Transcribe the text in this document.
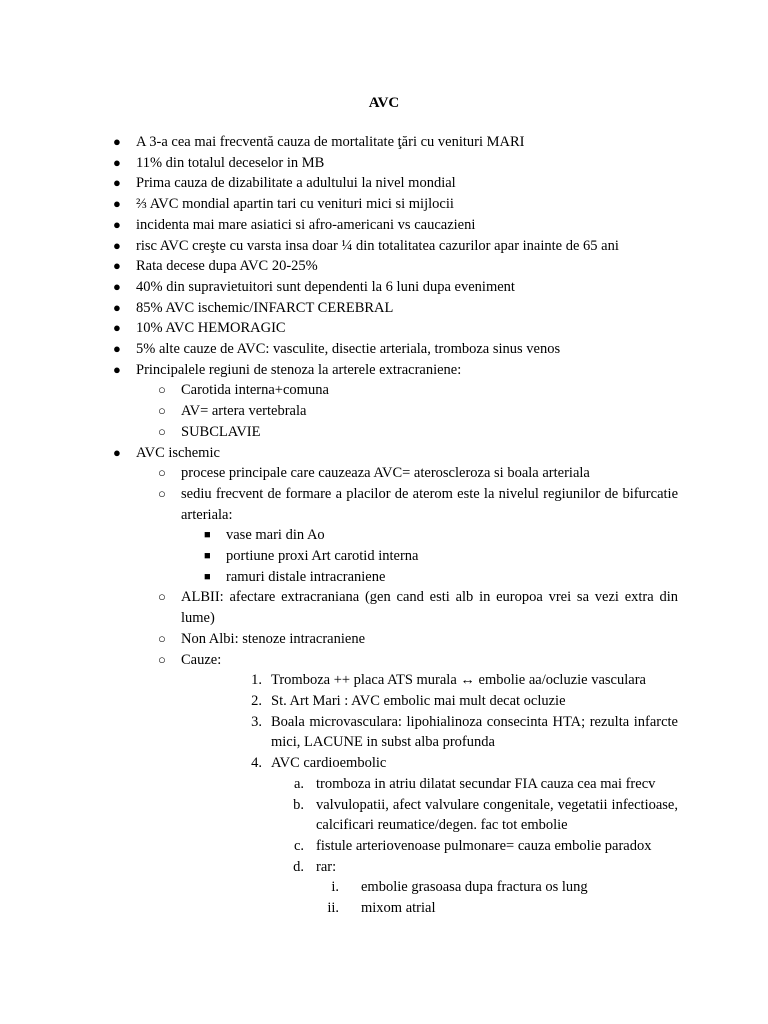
AVC
● A 3-a cea mai frecventă cauza de mortalitate ţări cu venituri MARI
● 11% din totalul deceselor in MB
● Prima cauza de dizabilitate a adultului la nivel mondial
● ⅔ AVC mondial apartin tari cu venituri mici si mijlocii
● incidenta mai mare asiatici si afro-americani vs caucazieni
● risc AVC creşte cu varsta insa doar ¼ din totalitatea cazurilor apar inainte de 65 ani
● Rata decese dupa AVC 20-25%
● 40% din supravietuitori sunt dependenti la 6 luni dupa eveniment
● 85% AVC ischemic/INFARCT CEREBRAL
● 10% AVC HEMORAGIC
● 5% alte cauze de AVC: vasculite, disectie arteriala, tromboza sinus venos
● Principalele regiuni de stenoza la arterele extracraniene:
○ Carotida interna+comuna
○ AV= artera vertebrala
○ SUBCLAVIE
● AVC ischemic
○ procese principale care cauzeaza AVC= ateroscleroza si boala arteriala
○ sediu frecvent de formare a placilor de aterom este la nivelul regiunilor de bifurcatie arteriala:
■ vase mari din Ao
■ portiune proxi Art carotid interna
■ ramuri distale intracraniene
○ ALBII: afectare extracraniana (gen cand esti alb in europoa vrei sa vezi extra din lume)
○ Non Albi: stenoze intracraniene
○ Cauze:
1. Tromboza ++ placa ATS murala ↔ embolie aa/ocluzie vasculara
2. St. Art Mari : AVC embolic mai mult decat ocluzie
3. Boala microvasculara: lipohialinoza consecinta HTA; rezulta infarcte mici, LACUNE in subst alba profunda
4. AVC cardioembolic
a. tromboza in atriu dilatat secundar FIA cauza cea mai frecv
b. valvulopatii, afect valvulare congenitale, vegetatii infectioase, calcificari reumatice/degen. fac tot embolie
c. fistule arteriovenoase pulmonare= cauza embolie paradox
d. rar:
i. embolie grasoasa dupa fractura os lung
ii. mixom atrial
